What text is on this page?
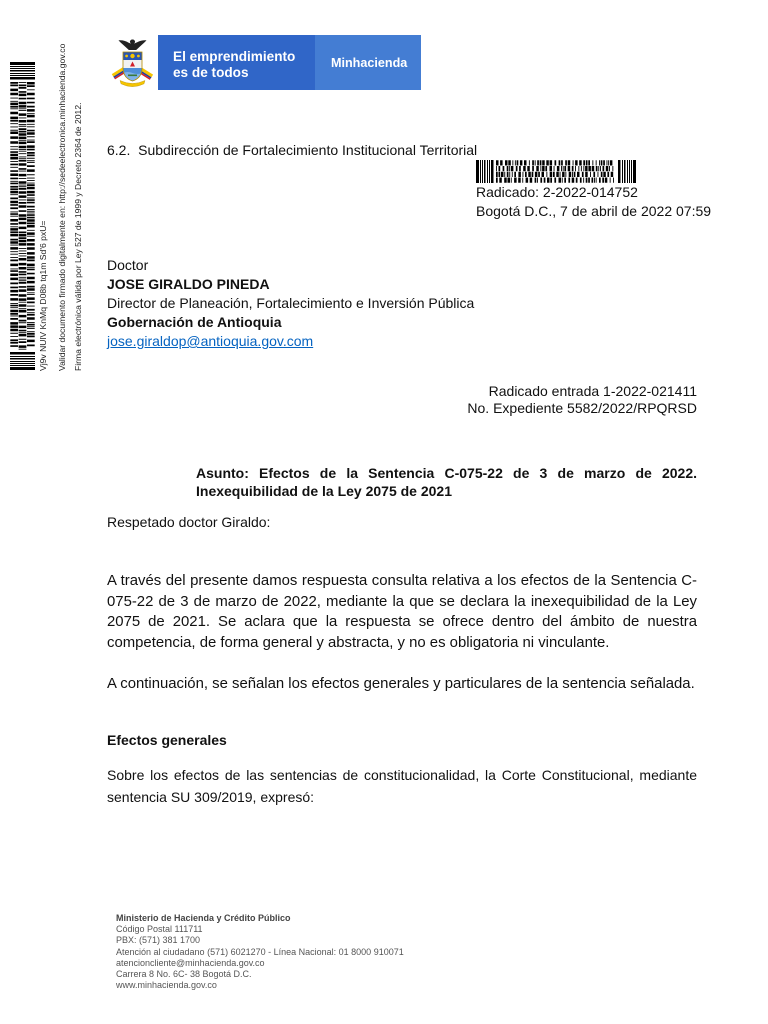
Vj9v NUlV KnMq D08b tq1m Sd'6 pxU= Validar documento firmado digitalmente en: http://sedeelectronica.minhacienda.gov.co Firma electrónica válida por Ley 527 de 1999 y Decreto 2364 de 2012.
El emprendimiento
es de todos
Minhacienda
6.2.  Subdirección de Fortalecimiento Institucional Territorial
Radicado: 2-2022-014752
Bogotá D.C., 7 de abril de 2022 07:59
Doctor
JOSE GIRALDO PINEDA
Director de Planeación, Fortalecimiento e Inversión Pública
Gobernación de Antioquia
jose.giraldop@antioquia.gov.com
Radicado entrada 1-2022-021411
No. Expediente 5582/2022/RPQRSD
Asunto: Efectos de la Sentencia C-075-22 de 3 de marzo de 2022.
Inexequibilidad de la Ley 2075 de 2021
Respetado doctor Giraldo:
A través del presente damos respuesta consulta relativa a los efectos de la Sentencia C-
075-22 de 3 de marzo de 2022, mediante la que se declara la inexequibilidad de la Ley
2075 de 2021. Se aclara que la respuesta se ofrece dentro del ámbito de nuestra
competencia, de forma general y abstracta, y no es obligatoria ni vinculante.
A continuación, se señalan los efectos generales y particulares de la sentencia señalada.
Efectos generales
Sobre los efectos de las sentencias de constitucionalidad, la Corte Constitucional, mediante
sentencia SU 309/2019, expresó:
Ministerio de Hacienda y Crédito Público
Código Postal 111711
PBX: (571) 381 1700
Atención al ciudadano (571) 6021270 - Línea Nacional: 01 8000 910071
atencioncliente@minhacienda.gov.co
Carrera 8 No. 6C- 38 Bogotá D.C.
www.minhacienda.gov.co
